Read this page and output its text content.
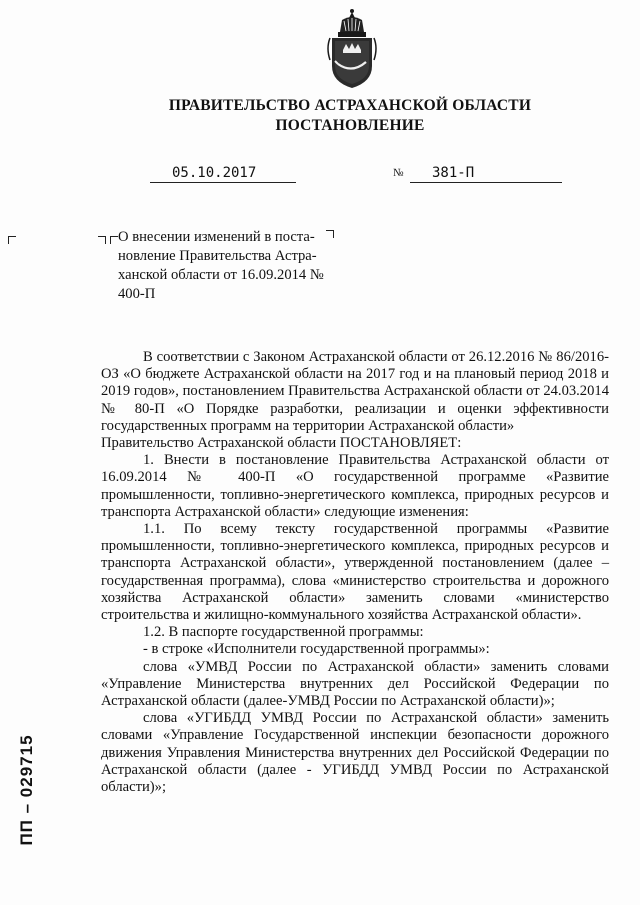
ПРАВИТЕЛЬСТВО АСТРАХАНСКОЙ ОБЛАСТИ
ПОСТАНОВЛЕНИЕ
05.10.2017	№	381-П
О внесении изменений в поста-новление Правительства Астра-ханской области от 16.09.2014 № 400-П

В соответствии с Законом Астраханской области от 26.12.2016 № 86/2016-ОЗ «О бюджете Астраханской области на 2017 год и на плановый период 2018 и 2019 годов», постановлением Правительства Астраханской области от 24.03.2014 № 80-П «О Порядке разработки, реализации и оценки эффективности государственных программ на территории Астраханской области»

Правительство Астраханской области ПОСТАНОВЛЯЕТ:

1. Внести в постановление Правительства Астраханской области от 16.09.2014 № 400-П «О государственной программе «Развитие промышленности, топливно-энергетического комплекса, природных ресурсов и транспорта Астраханской области» следующие изменения:

1.1. По всему тексту государственной программы «Развитие промышленности, топливно-энергетического комплекса, природных ресурсов и транспорта Астраханской области», утвержденной постановлением (далее – государственная программа), слова «министерство строительства и дорожного хозяйства Астраханской области» заменить словами «министерство строительства и жилищно-коммунального хозяйства Астраханской области».

1.2. В паспорте государственной программы:

- в строке «Исполнители государственной программы»:

слова «УМВД России по Астраханской области» заменить словами «Управление Министерства внутренних дел Российской Федерации по Астраханской области (далее-УМВД России по Астраханской области)»;

слова «УГИБДД УМВД России по Астраханской области» заменить словами «Управление Государственной инспекции безопасности дорожного движения Управления Министерства внутренних дел Российской Федерации по Астраханской области (далее - УГИБДД УМВД России по Астраханской области)»;

ПП – 029715
